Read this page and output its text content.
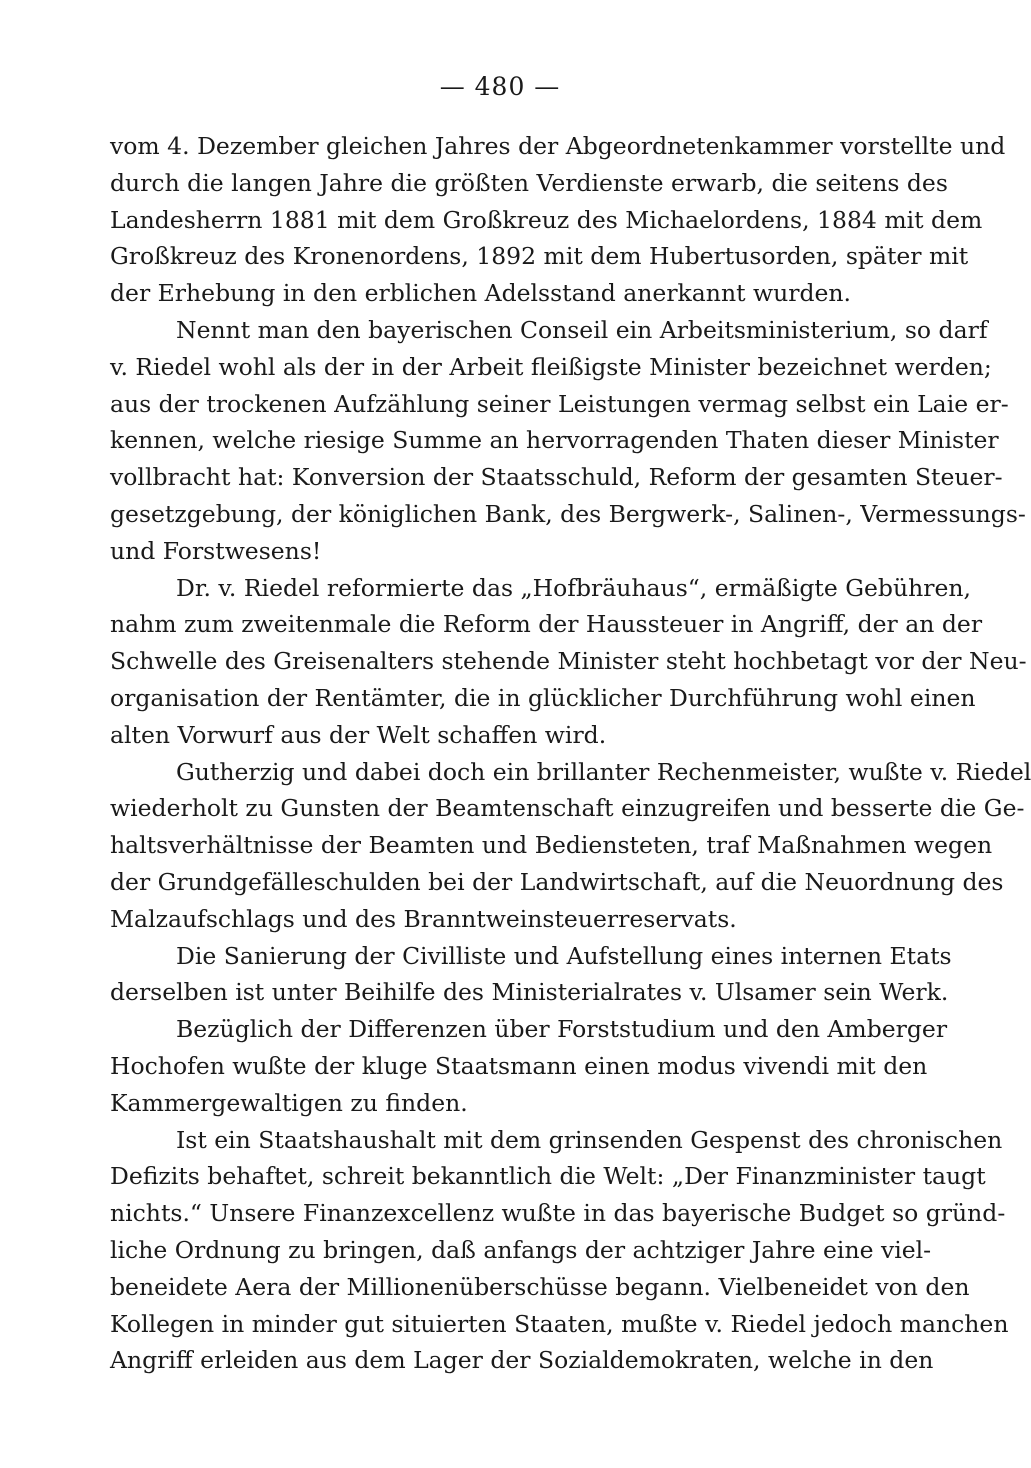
— 480 —
vom 4. Dezember gleichen Jahres der Abgeordnetenkammer vorstellte und
durch die langen Jahre die größten Verdienste erwarb, die seitens des
Landesherrn 1881 mit dem Großkreuz des Michaelordens, 1884 mit dem
Großkreuz des Kronenordens, 1892 mit dem Hubertusorden, später mit
der Erhebung in den erblichen Adelsstand anerkannt wurden.
Nennt man den bayerischen Conseil ein Arbeitsministerium, so darf
v. Riedel wohl als der in der Arbeit fleißigste Minister bezeichnet werden;
aus der trockenen Aufzählung seiner Leistungen vermag selbst ein Laie er-
kennen, welche riesige Summe an hervorragenden Thaten dieser Minister
vollbracht hat: Konversion der Staatsschuld, Reform der gesamten Steuer-
gesetzgebung, der königlichen Bank, des Bergwerk-, Salinen-, Vermessungs-
und Forstwesens!
Dr. v. Riedel reformierte das „Hofbräuhaus“, ermäßigte Gebühren,
nahm zum zweitenmale die Reform der Haussteuer in Angriff, der an der
Schwelle des Greisenalters stehende Minister steht hochbetagt vor der Neu-
organisation der Rentämter, die in glücklicher Durchführung wohl einen
alten Vorwurf aus der Welt schaffen wird.
Gutherzig und dabei doch ein brillanter Rechenmeister, wußte v. Riedel
wiederholt zu Gunsten der Beamtenschaft einzugreifen und besserte die Ge-
haltsverhältnisse der Beamten und Bediensteten, traf Maßnahmen wegen
der Grundgefälleschulden bei der Landwirtschaft, auf die Neuordnung des
Malzaufschlags und des Branntweinsteuerreservats.
Die Sanierung der Civilliste und Aufstellung eines internen Etats
derselben ist unter Beihilfe des Ministerialrates v. Ulsamer sein Werk.
Bezüglich der Differenzen über Forststudium und den Amberger
Hochofen wußte der kluge Staatsmann einen modus vivendi mit den
Kammergewaltigen zu finden.
Ist ein Staatshaushalt mit dem grinsenden Gespenst des chronischen
Defizits behaftet, schreit bekanntlich die Welt: „Der Finanzminister taugt
nichts.“ Unsere Finanzexcellenz wußte in das bayerische Budget so gründ-
liche Ordnung zu bringen, daß anfangs der achtziger Jahre eine viel-
beneidete Aera der Millionenüberschüsse begann. Vielbeneidet von den
Kollegen in minder gut situierten Staaten, mußte v. Riedel jedoch manchen
Angriff erleiden aus dem Lager der Sozialdemokraten, welche in den
